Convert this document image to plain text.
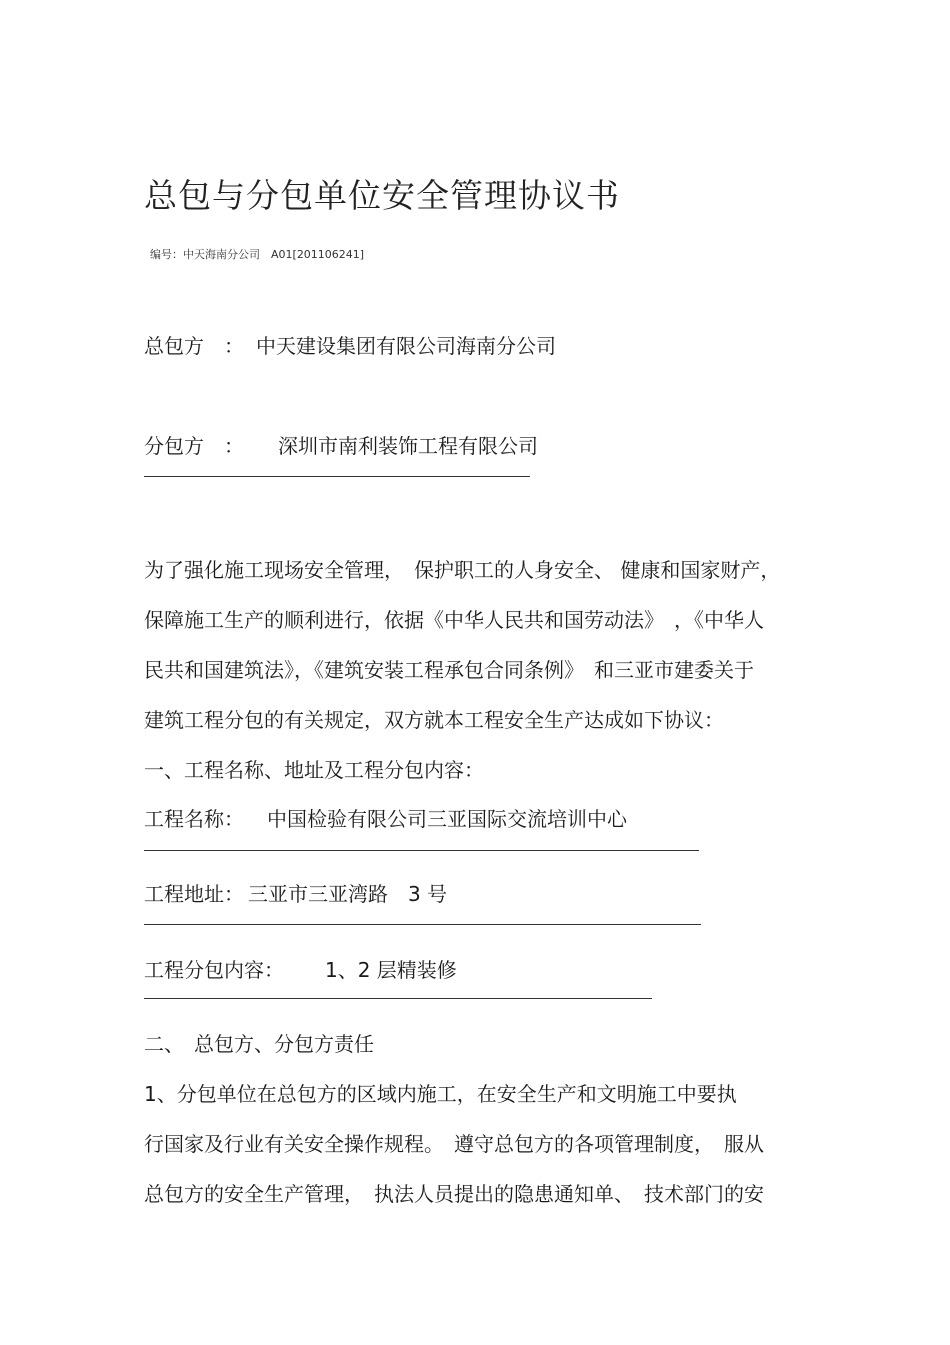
总包与分包单位安全管理协议书
编号：中天海南分公司　A01[201106241]
总包方　： 中天建设集团有限公司海南分公司
分包方　： 深圳市南利装饰工程有限公司
为了强化施工现场安全管理，　保护职工的人身安全、 健康和国家财产，
保障施工生产的顺利进行，依据《中华人民共和国劳动法》　，《中华人
民共和国建筑法》，《建筑安装工程承包合同条例》　和三亚市建委关于
建筑工程分包的有关规定，双方就本工程安全生产达成如下协议：
一、工程名称、地址及工程分包内容：
工程名称： 中国检验有限公司三亚国际交流培训中心
工程地址： 三亚市三亚湾路　3 号
工程分包内容： 1、2 层精装修
二、　总包方、分包方责任
1、分包单位在总包方的区域内施工，在安全生产和文明施工中要执
行国家及行业有关安全操作规程。　遵守总包方的各项管理制度，　服从
总包方的安全生产管理，　执法人员提出的隐患通知单、　技术部门的安
